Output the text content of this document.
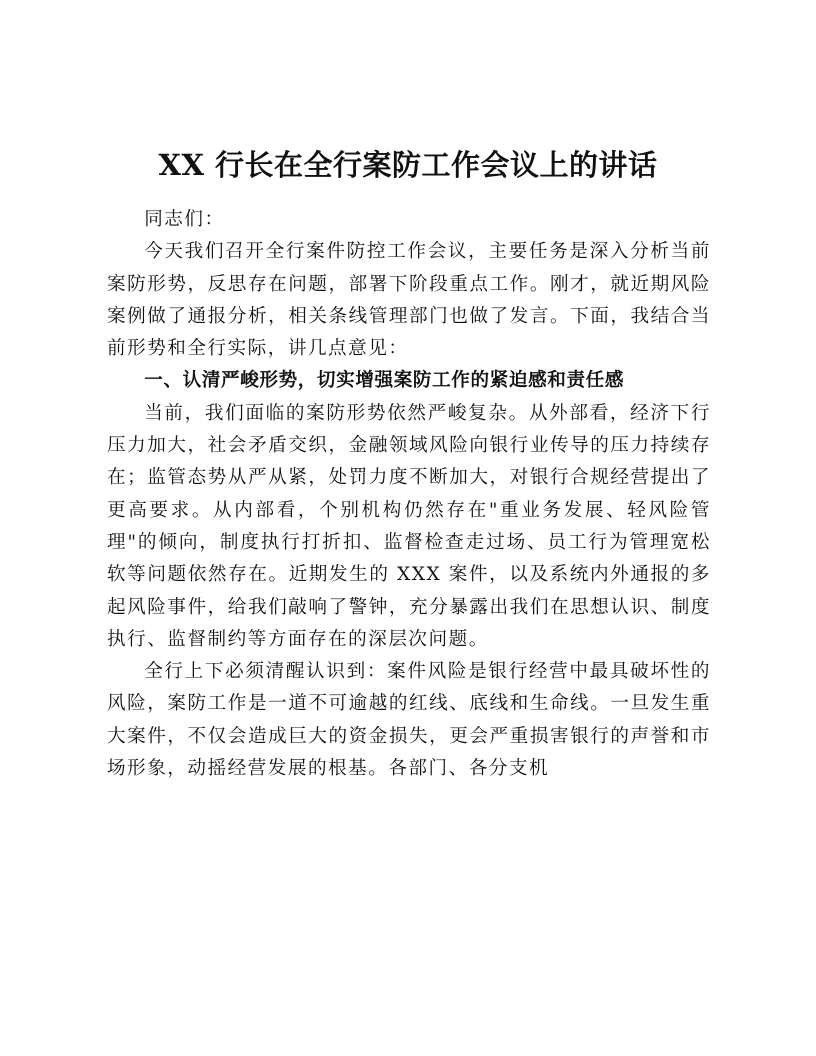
XX 行长在全行案防工作会议上的讲话

同志们：

今天我们召开全行案件防控工作会议，主要任务是深入分析当前案防形势，反思存在问题，部署下阶段重点工作。刚才，就近期风险案例做了通报分析，相关条线管理部门也做了发言。下面，我结合当前形势和全行实际，讲几点意见：

一、认清严峻形势，切实增强案防工作的紧迫感和责任感

当前，我们面临的案防形势依然严峻复杂。从外部看，经济下行压力加大，社会矛盾交织，金融领域风险向银行业传导的压力持续存在；监管态势从严从紧，处罚力度不断加大，对银行合规经营提出了更高要求。从内部看，个别机构仍然存在"重业务发展、轻风险管理"的倾向，制度执行打折扣、监督检查走过场、员工行为管理宽松软等问题依然存在。近期发生的 XXX 案件，以及系统内外通报的多起风险事件，给我们敲响了警钟，充分暴露出我们在思想认识、制度执行、监督制约等方面存在的深层次问题。

全行上下必须清醒认识到：案件风险是银行经营中最具破坏性的风险，案防工作是一道不可逾越的红线、底线和生命线。一旦发生重大案件，不仅会造成巨大的资金损失，更会严重损害银行的声誉和市场形象，动摇经营发展的根基。各部门、各分支机
